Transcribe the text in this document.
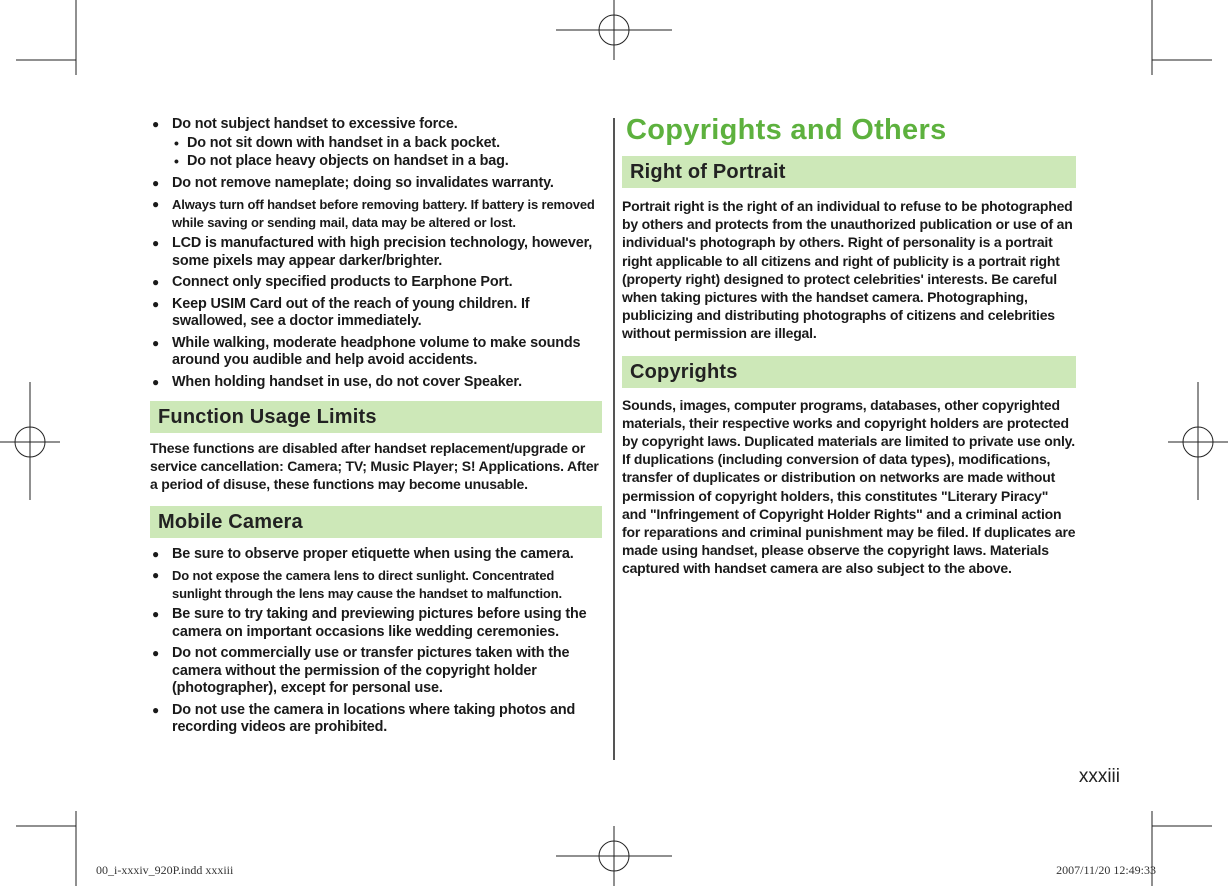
● Do not subject handset to excessive force.
• Do not sit down with handset in a back pocket.
• Do not place heavy objects on handset in a bag.
● Do not remove nameplate; doing so invalidates warranty.
● Always turn off handset before removing battery. If battery is removed while saving or sending mail, data may be altered or lost.
● LCD is manufactured with high precision technology, however, some pixels may appear darker/brighter.
● Connect only specified products to Earphone Port.
● Keep USIM Card out of the reach of young children. If swallowed, see a doctor immediately.
● While walking, moderate headphone volume to make sounds around you audible and help avoid accidents.
● When holding handset in use, do not cover Speaker.
Function Usage Limits

These functions are disabled after handset replacement/upgrade or service cancellation: Camera; TV; Music Player; S! Applications. After a period of disuse, these functions may become unusable.

Mobile Camera
● Be sure to observe proper etiquette when using the camera.
● Do not expose the camera lens to direct sunlight. Concentrated sunlight through the lens may cause the handset to malfunction.
● Be sure to try taking and previewing pictures before using the camera on important occasions like wedding ceremonies.
● Do not commercially use or transfer pictures taken with the camera without the permission of the copyright holder (photographer), except for personal use.
● Do not use the camera in locations where taking photos and recording videos are prohibited.
Copyrights and Others
Right of Portrait

Portrait right is the right of an individual to refuse to be photographed by others and protects from the unauthorized publication or use of an individual's photograph by others. Right of personality is a portrait right applicable to all citizens and right of publicity is a portrait right (property right) designed to protect celebrities' interests. Be careful when taking pictures with the handset camera. Photographing, publicizing and distributing photographs of citizens and celebrities without permission are illegal.

Copyrights

Sounds, images, computer programs, databases, other copyrighted materials, their respective works and copyright holders are protected by copyright laws. Duplicated materials are limited to private use only. If duplications (including conversion of data types), modifications, transfer of duplicates or distribution on networks are made without permission of copyright holders, this constitutes "Literary Piracy" and "Infringement of Copyright Holder Rights" and a criminal action for reparations and criminal punishment may be filed. If duplicates are made using handset, please observe the copyright laws. Materials captured with handset camera are also subject to the above.

xxxiii
00_i-xxxiv_920P.indd xxxiii	2007/11/20 12:49:33
